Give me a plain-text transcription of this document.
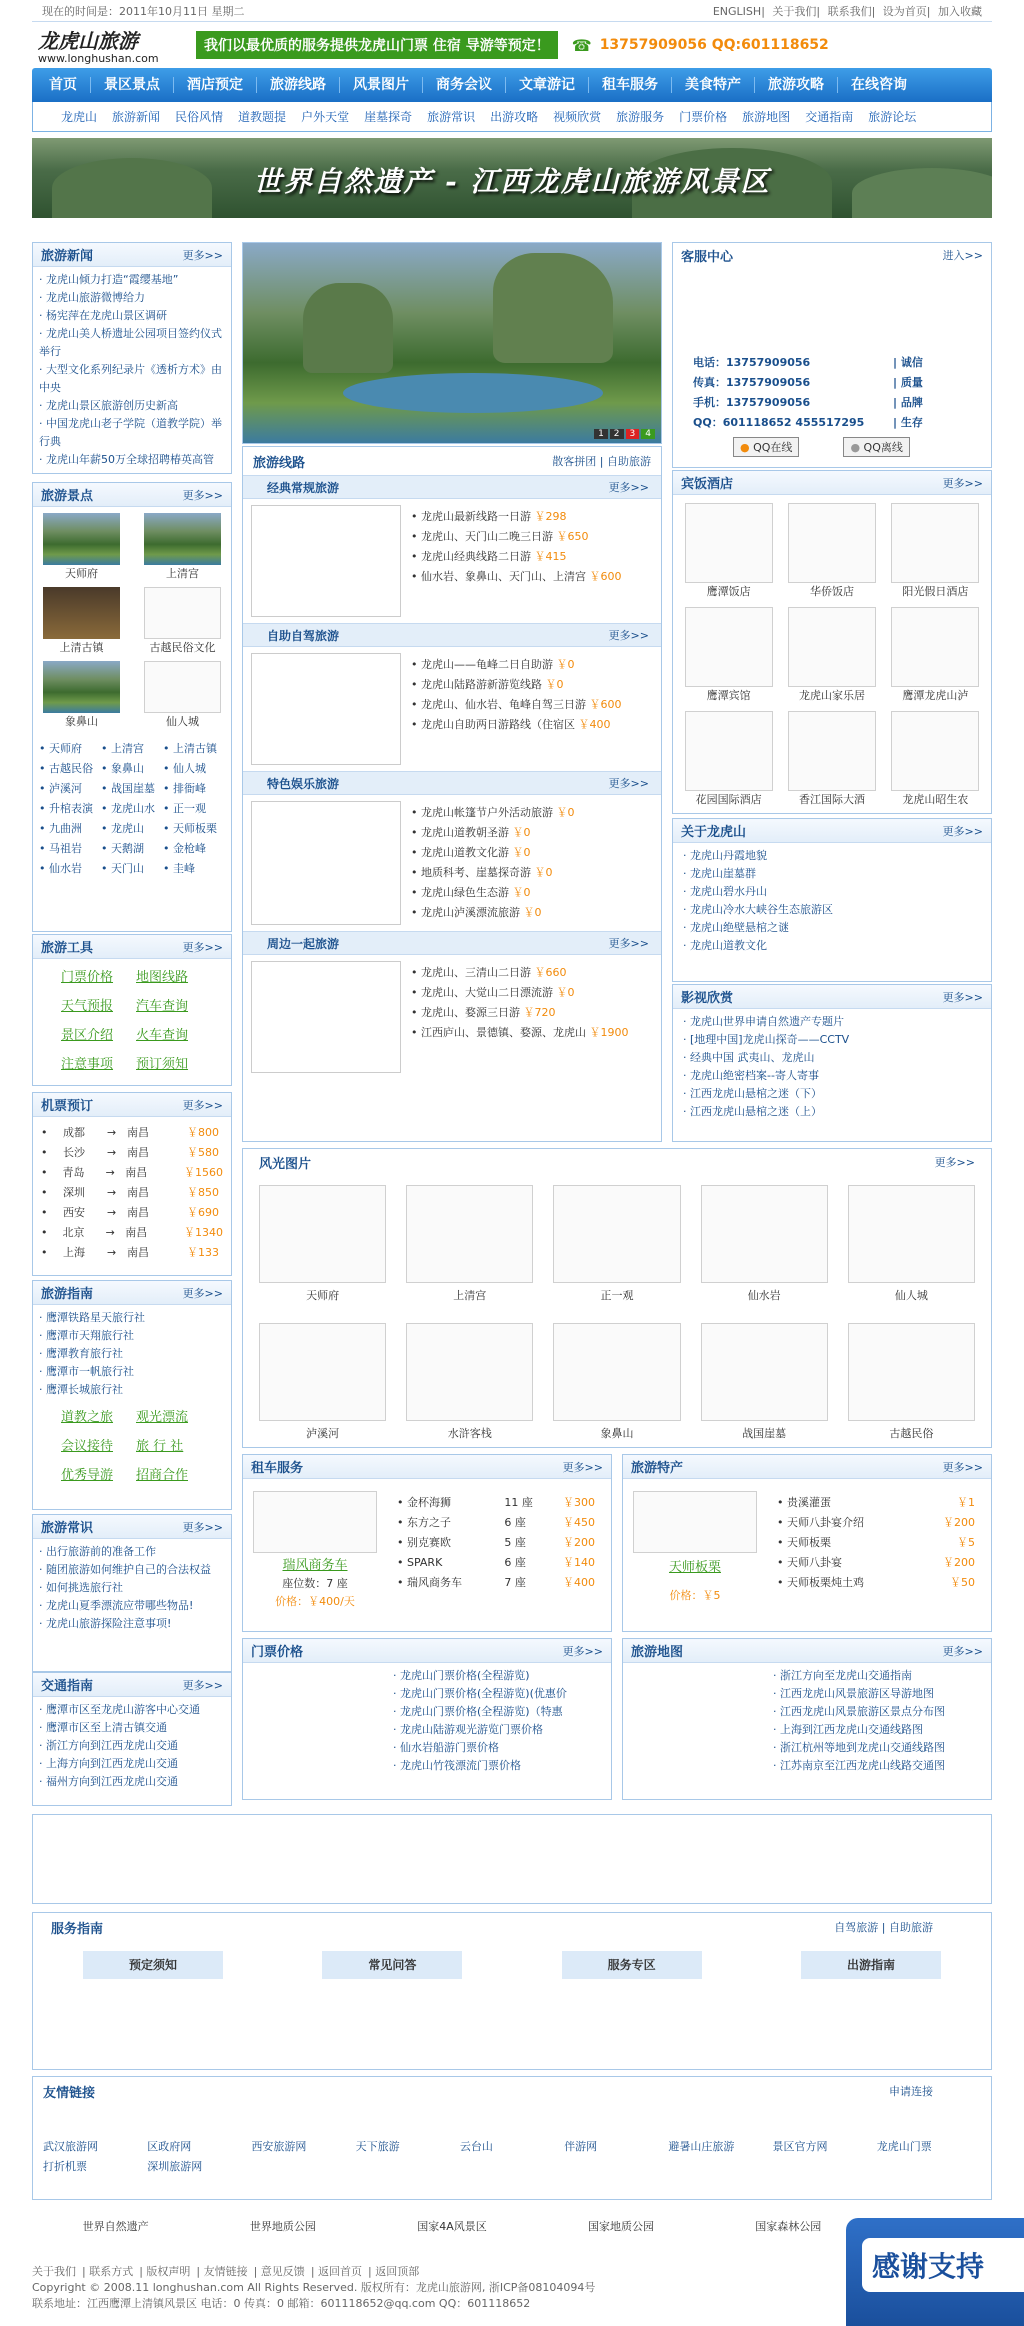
现在的时间是：2011年10月11日 星期二	ENGLISH| 关于我们| 联系我们| 设为首页| 加入收藏
龙虎山旅游
www.longhushan.com
我们以最优质的服务提供龙虎山门票 住宿 导游等预定！	☎ 13757909056 QQ:601118652
首页	景区景点	酒店预定	旅游线路	风景图片	商务会议	文章游记	租车服务	美食特产	旅游攻略	在线咨询
龙虎山 旅游新闻 民俗风情 道教题提 户外天堂 崖墓探奇 旅游常识 出游攻略 视频欣赏 旅游服务 门票价格 旅游地图 交通指南 旅游论坛
世界自然遗产 - 江西龙虎山旅游风景区
旅游新闻	更多>>
· 龙虎山倾力打造“霞缨基地”
· 龙虎山旅游微博给力
· 杨宪萍在龙虎山景区调研
· 龙虎山美人桥遗址公园项目签约仪式举行
· 大型文化系列纪录片《透析方术》由中央
· 龙虎山景区旅游创历史新高
· 中国龙虎山老子学院（道教学院）举行典
· 龙虎山年薪50万全球招聘椿英高管
旅游景点	更多>>
天师府	上清宫
上清古镇	古越民俗文化
象鼻山	仙人城
• 天师府	• 上清宫	• 上清古镇
• 古越民俗	• 象鼻山	• 仙人城
• 泸溪河	• 战国崖墓	• 排衙峰
• 升棺表演	• 龙虎山水	• 正一观
• 九曲洲	• 龙虎山	• 天师板栗
• 马祖岩	• 天鹅湖	• 金枪峰
• 仙水岩	• 天门山	• 圭峰
旅游工具	更多>>
门票价格	地图线路
天气预报	汽车查询
景区介绍	火车查询
注意事项	预订须知
机票预订	更多>>
•	成都	→ 南昌	￥800
•	长沙	→ 南昌	￥580
•	青岛	→ 南昌	￥1560
•	深圳	→ 南昌	￥850
•	西安	→ 南昌	￥690
•	北京	→ 南昌	￥1340
•	上海	→ 南昌	￥133
旅游指南	更多>>
· 鹰潭铁路星天旅行社
· 鹰潭市天翔旅行社
· 鹰潭教育旅行社
· 鹰潭市一帆旅行社
· 鹰潭长城旅行社
道教之旅	观光漂流
会议接待	旅 行 社
优秀导游	招商合作
旅游常识	更多>>
· 出行旅游前的准备工作
· 随团旅游如何维护自己的合法权益
· 如何挑选旅行社
· 龙虎山夏季漂流应带哪些物品!
· 龙虎山旅游探险注意事项!
交通指南	更多>>
· 鹰潭市区至龙虎山游客中心交通
· 鹰潭市区至上清古镇交通
· 浙江方向到江西龙虎山交通
· 上海方向到江西龙虎山交通
· 福州方向到江西龙虎山交通
1	2	3	4
旅游线路	散客拼团 | 自助旅游
经典常规旅游	更多>>
• 龙虎山最新线路一日游 ￥298
• 龙虎山、天门山二晚三日游 ￥650
• 龙虎山经典线路二日游 ￥415
• 仙水岩、象鼻山、天门山、上清宫 ￥600
自助自驾旅游	更多>>
• 龙虎山——龟峰二日自助游 ￥0
• 龙虎山陆路游新游览线路 ￥0
• 龙虎山、仙水岩、龟峰自驾三日游 ￥600
• 龙虎山自助两日游路线（住宿区 ￥400
特色娱乐旅游	更多>>
• 龙虎山帐篷节户外活动旅游 ￥0
• 龙虎山道教朝圣游 ￥0
• 龙虎山道教文化游 ￥0
• 地质科考、崖墓探奇游 ￥0
• 龙虎山绿色生态游 ￥0
• 龙虎山泸溪漂流旅游 ￥0
周边一起旅游	更多>>
• 龙虎山、三清山二日游 ￥660
• 龙虎山、大觉山二日漂流游 ￥0
• 龙虎山、婺源三日游 ￥720
• 江西庐山、景德镇、婺源、龙虎山 ￥1900
客服中心	进入>>
电话：13757909056
传真：13757909056
手机：13757909056
QQ：601118652 455517295
| 诚信
| 质量
| 品牌
| 生存
● QQ在线	● QQ离线
宾饭酒店	更多>>
鹰潭饭店	华侨饭店	阳光假日酒店
鹰潭宾馆	龙虎山家乐居	鹰潭龙虎山泸
花园国际酒店	香江国际大酒	龙虎山昭生农
关于龙虎山	更多>>
· 龙虎山丹霞地貌
· 龙虎山崖墓群
· 龙虎山碧水丹山
· 龙虎山冷水大峡谷生态旅游区
· 龙虎山绝壁悬棺之谜
· 龙虎山道教文化
影视欣赏	更多>>
· 龙虎山世界申请自然遗产专题片
· [地理中国]龙虎山探奇——CCTV
· 经典中国 武夷山、龙虎山
· 龙虎山绝密档案--寄人寄事
· 江西龙虎山悬棺之迷（下）
· 江西龙虎山悬棺之迷（上）
风光图片	更多>>
天师府	上清宫	正一观	仙水岩	仙人城
泸溪河	水浒客栈	象鼻山	战国崖墓	古越民俗
租车服务	更多>>
瑞风商务车
座位数：7 座
价格：￥400/天
• 金杯海狮	11 座	￥300
• 东方之子	6 座	￥450
• 别克赛欧	5 座	￥200
• SPARK	6 座	￥140
• 瑞风商务车	7 座	￥400
旅游特产	更多>>
天师板栗
价格：￥5
• 贵溪灌蛋	￥1
• 天师八卦宴介绍	￥200
• 天师板栗	￥5
• 天师八卦宴	￥200
• 天师板栗炖土鸡	￥50
门票价格	更多>>
· 龙虎山门票价格(全程游览)
· 龙虎山门票价格(全程游览)(优惠价
· 龙虎山门票价格(全程游览)（特惠
· 龙虎山陆游观光游览门票价格
· 仙水岩船游门票价格
· 龙虎山竹筏漂流门票价格
旅游地图	更多>>
· 浙江方向至龙虎山交通指南
· 江西龙虎山风景旅游区导游地图
· 江西龙虎山风景旅游区景点分布图
· 上海到江西龙虎山交通线路图
· 浙江杭州等地到龙虎山交通线路图
· 江苏南京至江西龙虎山线路交通图
服务指南	自驾旅游 | 自助旅游
预定须知	常见问答	服务专区	出游指南
友情链接	申请连接
武汉旅游网	区政府网	西安旅游网	天下旅游	云台山	伴游网	避暑山庄旅游	景区官方网	龙虎山门票
打折机票	深圳旅游网
世界自然遗产	世界地质公园	国家4A风景区	国家地质公园	国家森林公园
感谢支持
关于我们 | 联系方式 | 版权声明 | 友情链接 | 意见反馈 | 返回首页 | 返回顶部
Copyright © 2008.11 longhushan.com All Rights Reserved. 版权所有：龙虎山旅游网, 浙ICP备08104094号
联系地址：江西鹰潭上清镇风景区 电话：0 传真：0 邮箱：601118652@qq.com QQ：601118652
